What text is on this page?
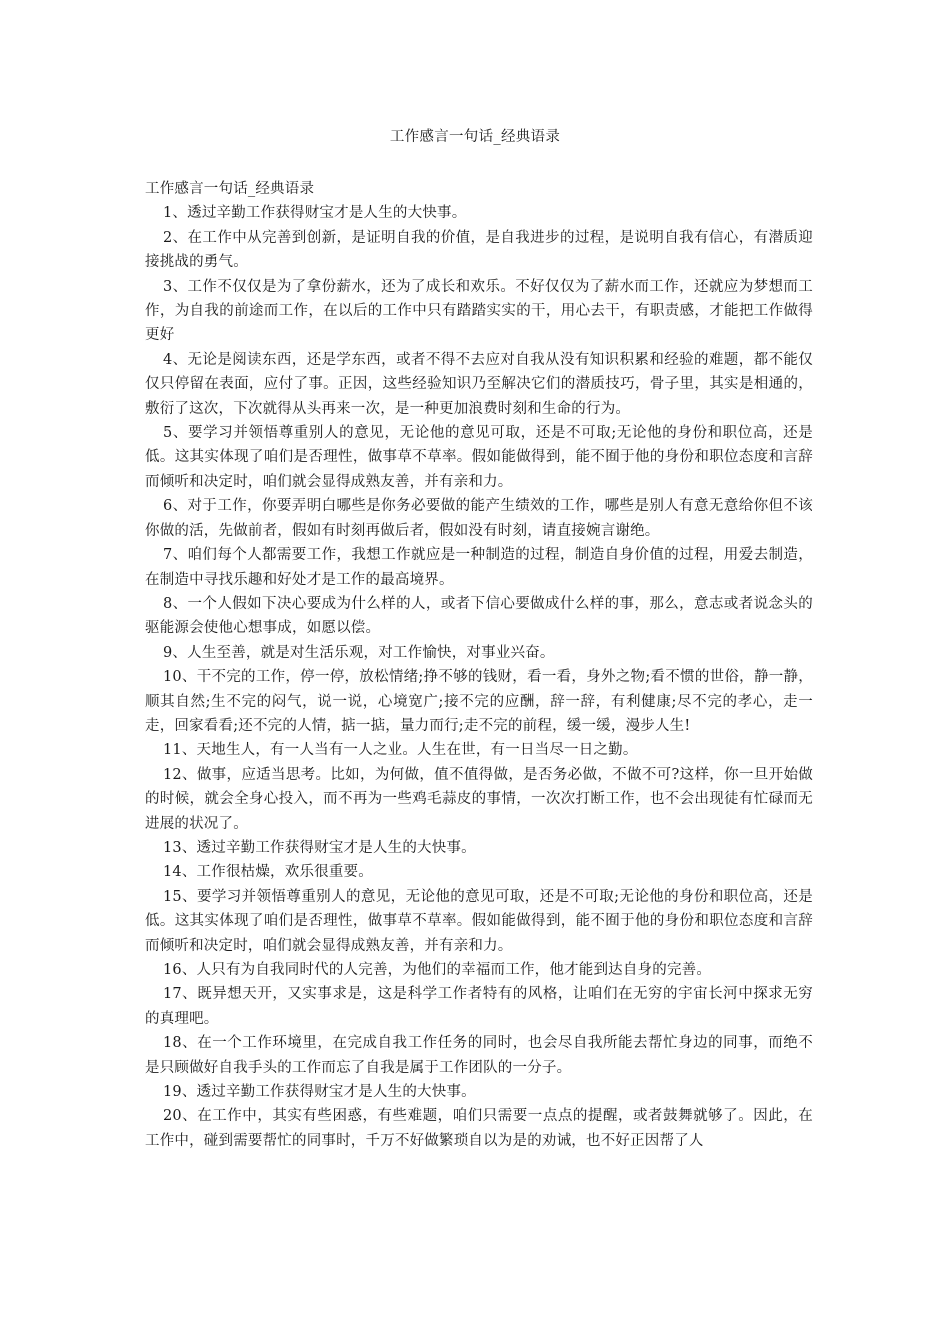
工作感言一句话_经典语录

工作感言一句话_经典语录

1、透过辛勤工作获得财宝才是人生的大快事。

2、在工作中从完善到创新，是证明自我的价值，是自我进步的过程，是说明自我有信心，有潜质迎接挑战的勇气。

3、工作不仅仅是为了拿份薪水，还为了成长和欢乐。不好仅仅为了薪水而工作，还就应为梦想而工作，为自我的前途而工作，在以后的工作中只有踏踏实实的干，用心去干，有职责感，才能把工作做得更好

4、无论是阅读东西，还是学东西，或者不得不去应对自我从没有知识积累和经验的难题，都不能仅仅只停留在表面，应付了事。正因，这些经验知识乃至解决它们的潜质技巧，骨子里，其实是相通的，敷衍了这次，下次就得从头再来一次，是一种更加浪费时刻和生命的行为。

5、要学习并领悟尊重别人的意见，无论他的意见可取，还是不可取;无论他的身份和职位高，还是低。这其实体现了咱们是否理性，做事草不草率。假如能做得到，能不囿于他的身份和职位态度和言辞而倾听和决定时，咱们就会显得成熟友善，并有亲和力。

6、对于工作，你要弄明白哪些是你务必要做的能产生绩效的工作，哪些是别人有意无意给你但不该你做的活，先做前者，假如有时刻再做后者，假如没有时刻，请直接婉言谢绝。

7、咱们每个人都需要工作，我想工作就应是一种制造的过程，制造自身价值的过程，用爱去制造，在制造中寻找乐趣和好处才是工作的最高境界。

8、一个人假如下决心要成为什么样的人，或者下信心要做成什么样的事，那么，意志或者说念头的驱能源会使他心想事成，如愿以偿。

9、人生至善，就是对生活乐观，对工作愉快，对事业兴奋。

10、干不完的工作，停一停，放松情绪;挣不够的钱财，看一看，身外之物;看不惯的世俗，静一静，顺其自然;生不完的闷气，说一说，心境宽广;接不完的应酬，辞一辞，有利健康;尽不完的孝心，走一走，回家看看;还不完的人情，掂一掂，量力而行;走不完的前程，缓一缓，漫步人生!

11、天地生人，有一人当有一人之业。人生在世，有一日当尽一日之勤。

12、做事，应适当思考。比如，为何做，值不值得做，是否务必做，不做不可?这样，你一旦开始做的时候，就会全身心投入，而不再为一些鸡毛蒜皮的事情，一次次打断工作，也不会出现徒有忙碌而无进展的状况了。

13、透过辛勤工作获得财宝才是人生的大快事。

14、工作很枯燥，欢乐很重要。

15、要学习并领悟尊重别人的意见，无论他的意见可取，还是不可取;无论他的身份和职位高，还是低。这其实体现了咱们是否理性，做事草不草率。假如能做得到，能不囿于他的身份和职位态度和言辞而倾听和决定时，咱们就会显得成熟友善，并有亲和力。

16、人只有为自我同时代的人完善，为他们的幸福而工作，他才能到达自身的完善。

17、既异想天开，又实事求是，这是科学工作者特有的风格，让咱们在无穷的宇宙长河中探求无穷的真理吧。

18、在一个工作环境里，在完成自我工作任务的同时，也会尽自我所能去帮忙身边的同事，而绝不是只顾做好自我手头的工作而忘了自我是属于工作团队的一分子。

19、透过辛勤工作获得财宝才是人生的大快事。

20、在工作中，其实有些困惑，有些难题，咱们只需要一点点的提醒，或者鼓舞就够了。因此，在工作中，碰到需要帮忙的同事时，千万不好做繁琐自以为是的劝诫，也不好正因帮了人
